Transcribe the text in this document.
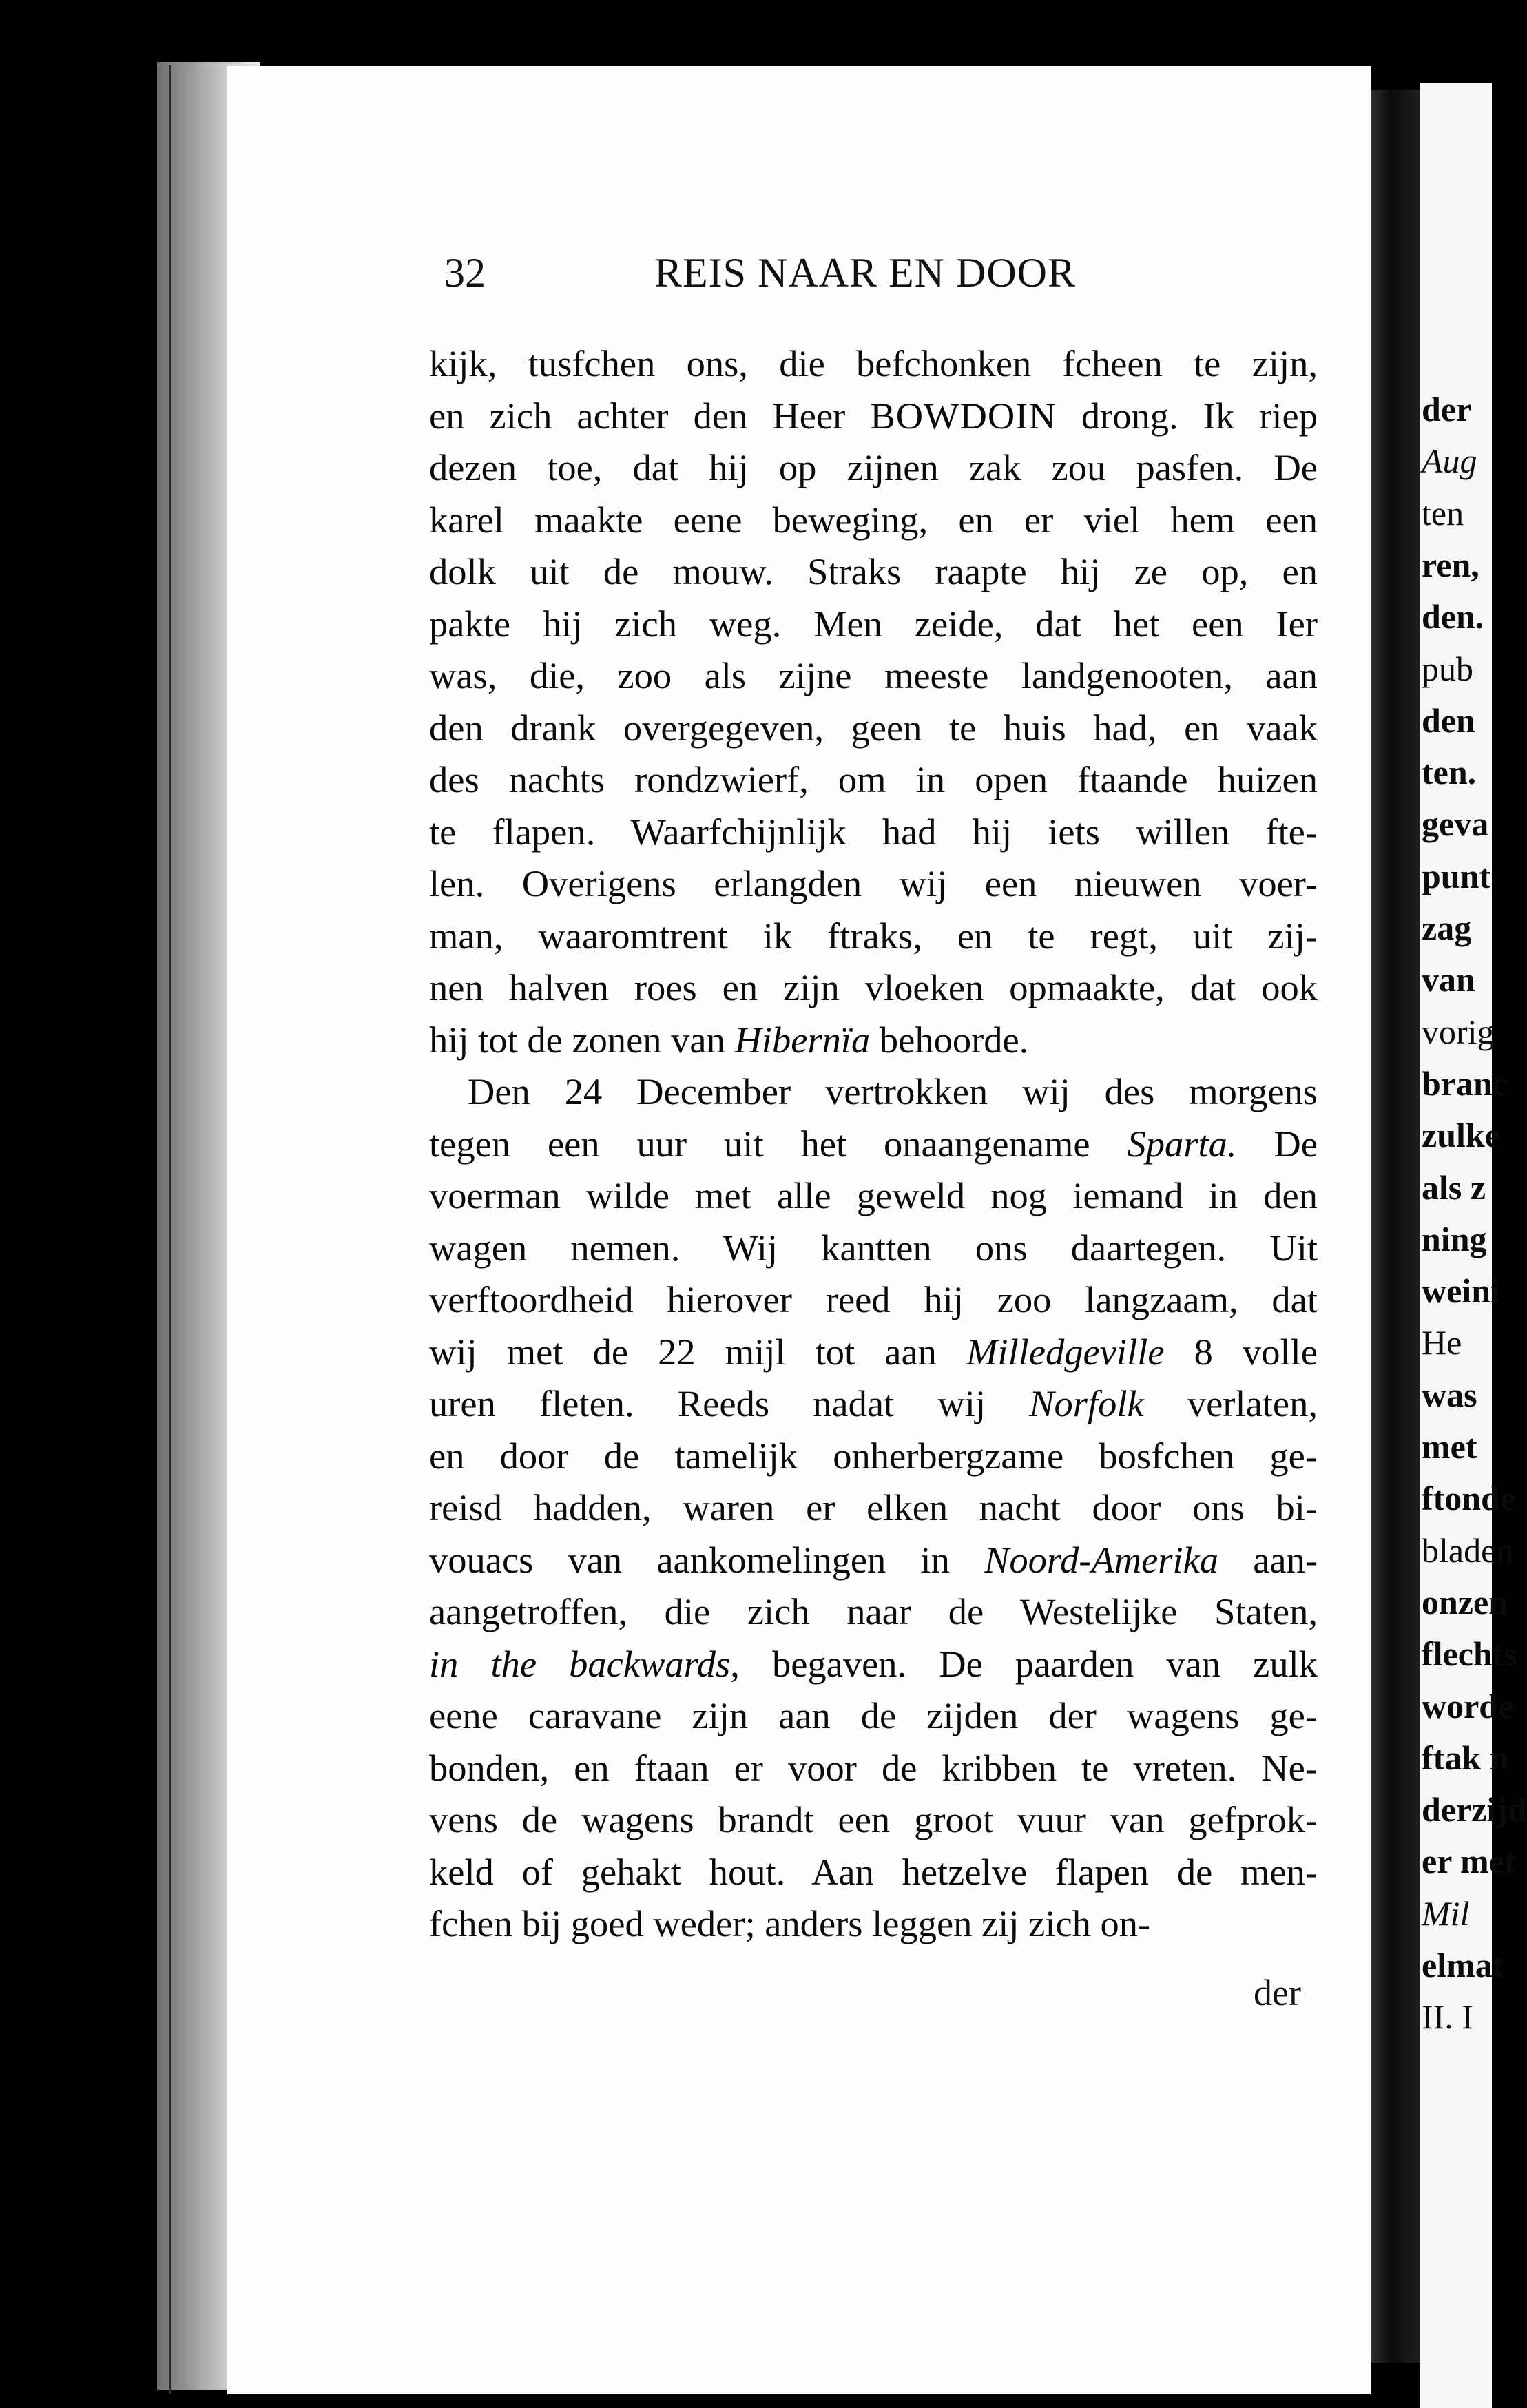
der
Aug
ten
ren,
den.
pub
den
ten.
geva
punt
zag
van
vorig
branc
zulke
als z
ning
weini
He
was
met
ftonde
bladen
onzen
flechts
worde
ftak n
derzijd
er met
Mil
elmat
II. I
32	REIS NAAR EN DOOR
kijk, tusfchen ons, die befchonken fcheen te zijn,
en zich achter den Heer BOWDOIN drong. Ik riep
dezen toe, dat hij op zijnen zak zou pasfen. De
karel maakte eene beweging, en er viel hem een
dolk uit de mouw. Straks raapte hij ze op, en
pakte hij zich weg. Men zeide, dat het een Ier
was, die, zoo als zijne meeste landgenooten, aan
den drank overgegeven, geen te huis had, en vaak
des nachts rondzwierf, om in open ftaande huizen
te flapen. Waarfchijnlijk had hij iets willen fte-
len. Overigens erlangden wij een nieuwen voer-
man, waaromtrent ik ftraks, en te regt, uit zij-
nen halven roes en zijn vloeken opmaakte, dat ook
hij tot de zonen van Hibernïa behoorde.
Den 24 December vertrokken wij des morgens
tegen een uur uit het onaangename Sparta. De
voerman wilde met alle geweld nog iemand in den
wagen nemen. Wij kantten ons daartegen. Uit
verftoordheid hierover reed hij zoo langzaam, dat
wij met de 22 mijl tot aan Milledgeville 8 volle
uren fleten. Reeds nadat wij Norfolk verlaten,
en door de tamelijk onherbergzame bosfchen ge-
reisd hadden, waren er elken nacht door ons bi-
vouacs van aankomelingen in Noord-Amerika aan-
aangetroffen, die zich naar de Westelijke Staten,
in the backwards, begaven. De paarden van zulk
eene caravane zijn aan de zijden der wagens ge-
bonden, en ftaan er voor de kribben te vreten. Ne-
vens de wagens brandt een groot vuur van gefprok-
keld of gehakt hout. Aan hetzelve flapen de men-
fchen bij goed weder; anders leggen zij zich on-
der
